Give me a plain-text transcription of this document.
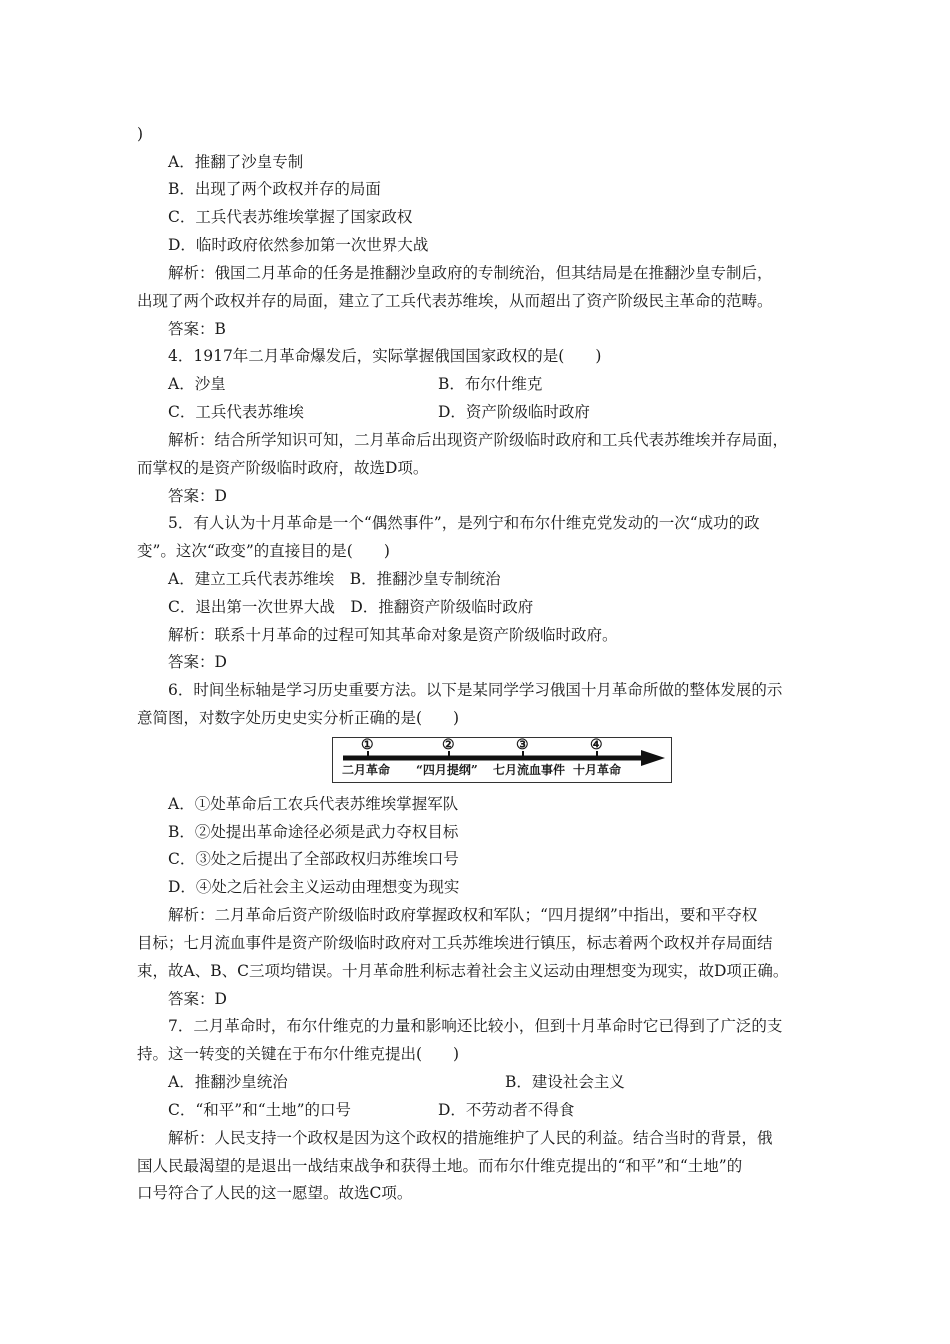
)
A．推翻了沙皇专制
B．出现了两个政权并存的局面
C．工兵代表苏维埃掌握了国家政权
D．临时政府依然参加第一次世界大战
解析：俄国二月革命的任务是推翻沙皇政府的专制统治，但其结局是在推翻沙皇专制后，
出现了两个政权并存的局面，建立了工兵代表苏维埃，从而超出了资产阶级民主革命的范畴。
答案：B
4．1917年二月革命爆发后，实际掌握俄国国家政权的是(　　)
A．沙皇	B．布尔什维克
C．工兵代表苏维埃	D．资产阶级临时政府
解析：结合所学知识可知，二月革命后出现资产阶级临时政府和工兵代表苏维埃并存局面，
而掌权的是资产阶级临时政府，故选D项。
答案：D
5．有人认为十月革命是一个“偶然事件”，是列宁和布尔什维克党发动的一次“成功的政
变”。这次“政变”的直接目的是(　　)
A．建立工兵代表苏维埃　B．推翻沙皇专制统治
C．退出第一次世界大战　D．推翻资产阶级临时政府
解析：联系十月革命的过程可知其革命对象是资产阶级临时政府。
答案：D
6．时间坐标轴是学习历史重要方法。以下是某同学学习俄国十月革命所做的整体发展的示
意简图，对数字处历史史实分析正确的是(　　)
①	②	③	④
二月革命 “四月提纲” 七月流血事件 十月革命
A．①处革命后工农兵代表苏维埃掌握军队
B．②处提出革命途径必须是武力夺权目标
C．③处之后提出了全部政权归苏维埃口号
D．④处之后社会主义运动由理想变为现实
解析：二月革命后资产阶级临时政府掌握政权和军队；“四月提纲”中指出，要和平夺权
目标；七月流血事件是资产阶级临时政府对工兵苏维埃进行镇压，标志着两个政权并存局面结
束，故A、B、C三项均错误。十月革命胜利标志着社会主义运动由理想变为现实，故D项正确。
答案：D
7．二月革命时，布尔什维克的力量和影响还比较小，但到十月革命时它已得到了广泛的支
持。这一转变的关键在于布尔什维克提出(　　)
A．推翻沙皇统治	B．建设社会主义
C．“和平”和“土地”的口号	D．不劳动者不得食
解析：人民支持一个政权是因为这个政权的措施维护了人民的利益。结合当时的背景，俄
国人民最渴望的是退出一战结束战争和获得土地。而布尔什维克提出的“和平”和“土地”的
口号符合了人民的这一愿望。故选C项。
